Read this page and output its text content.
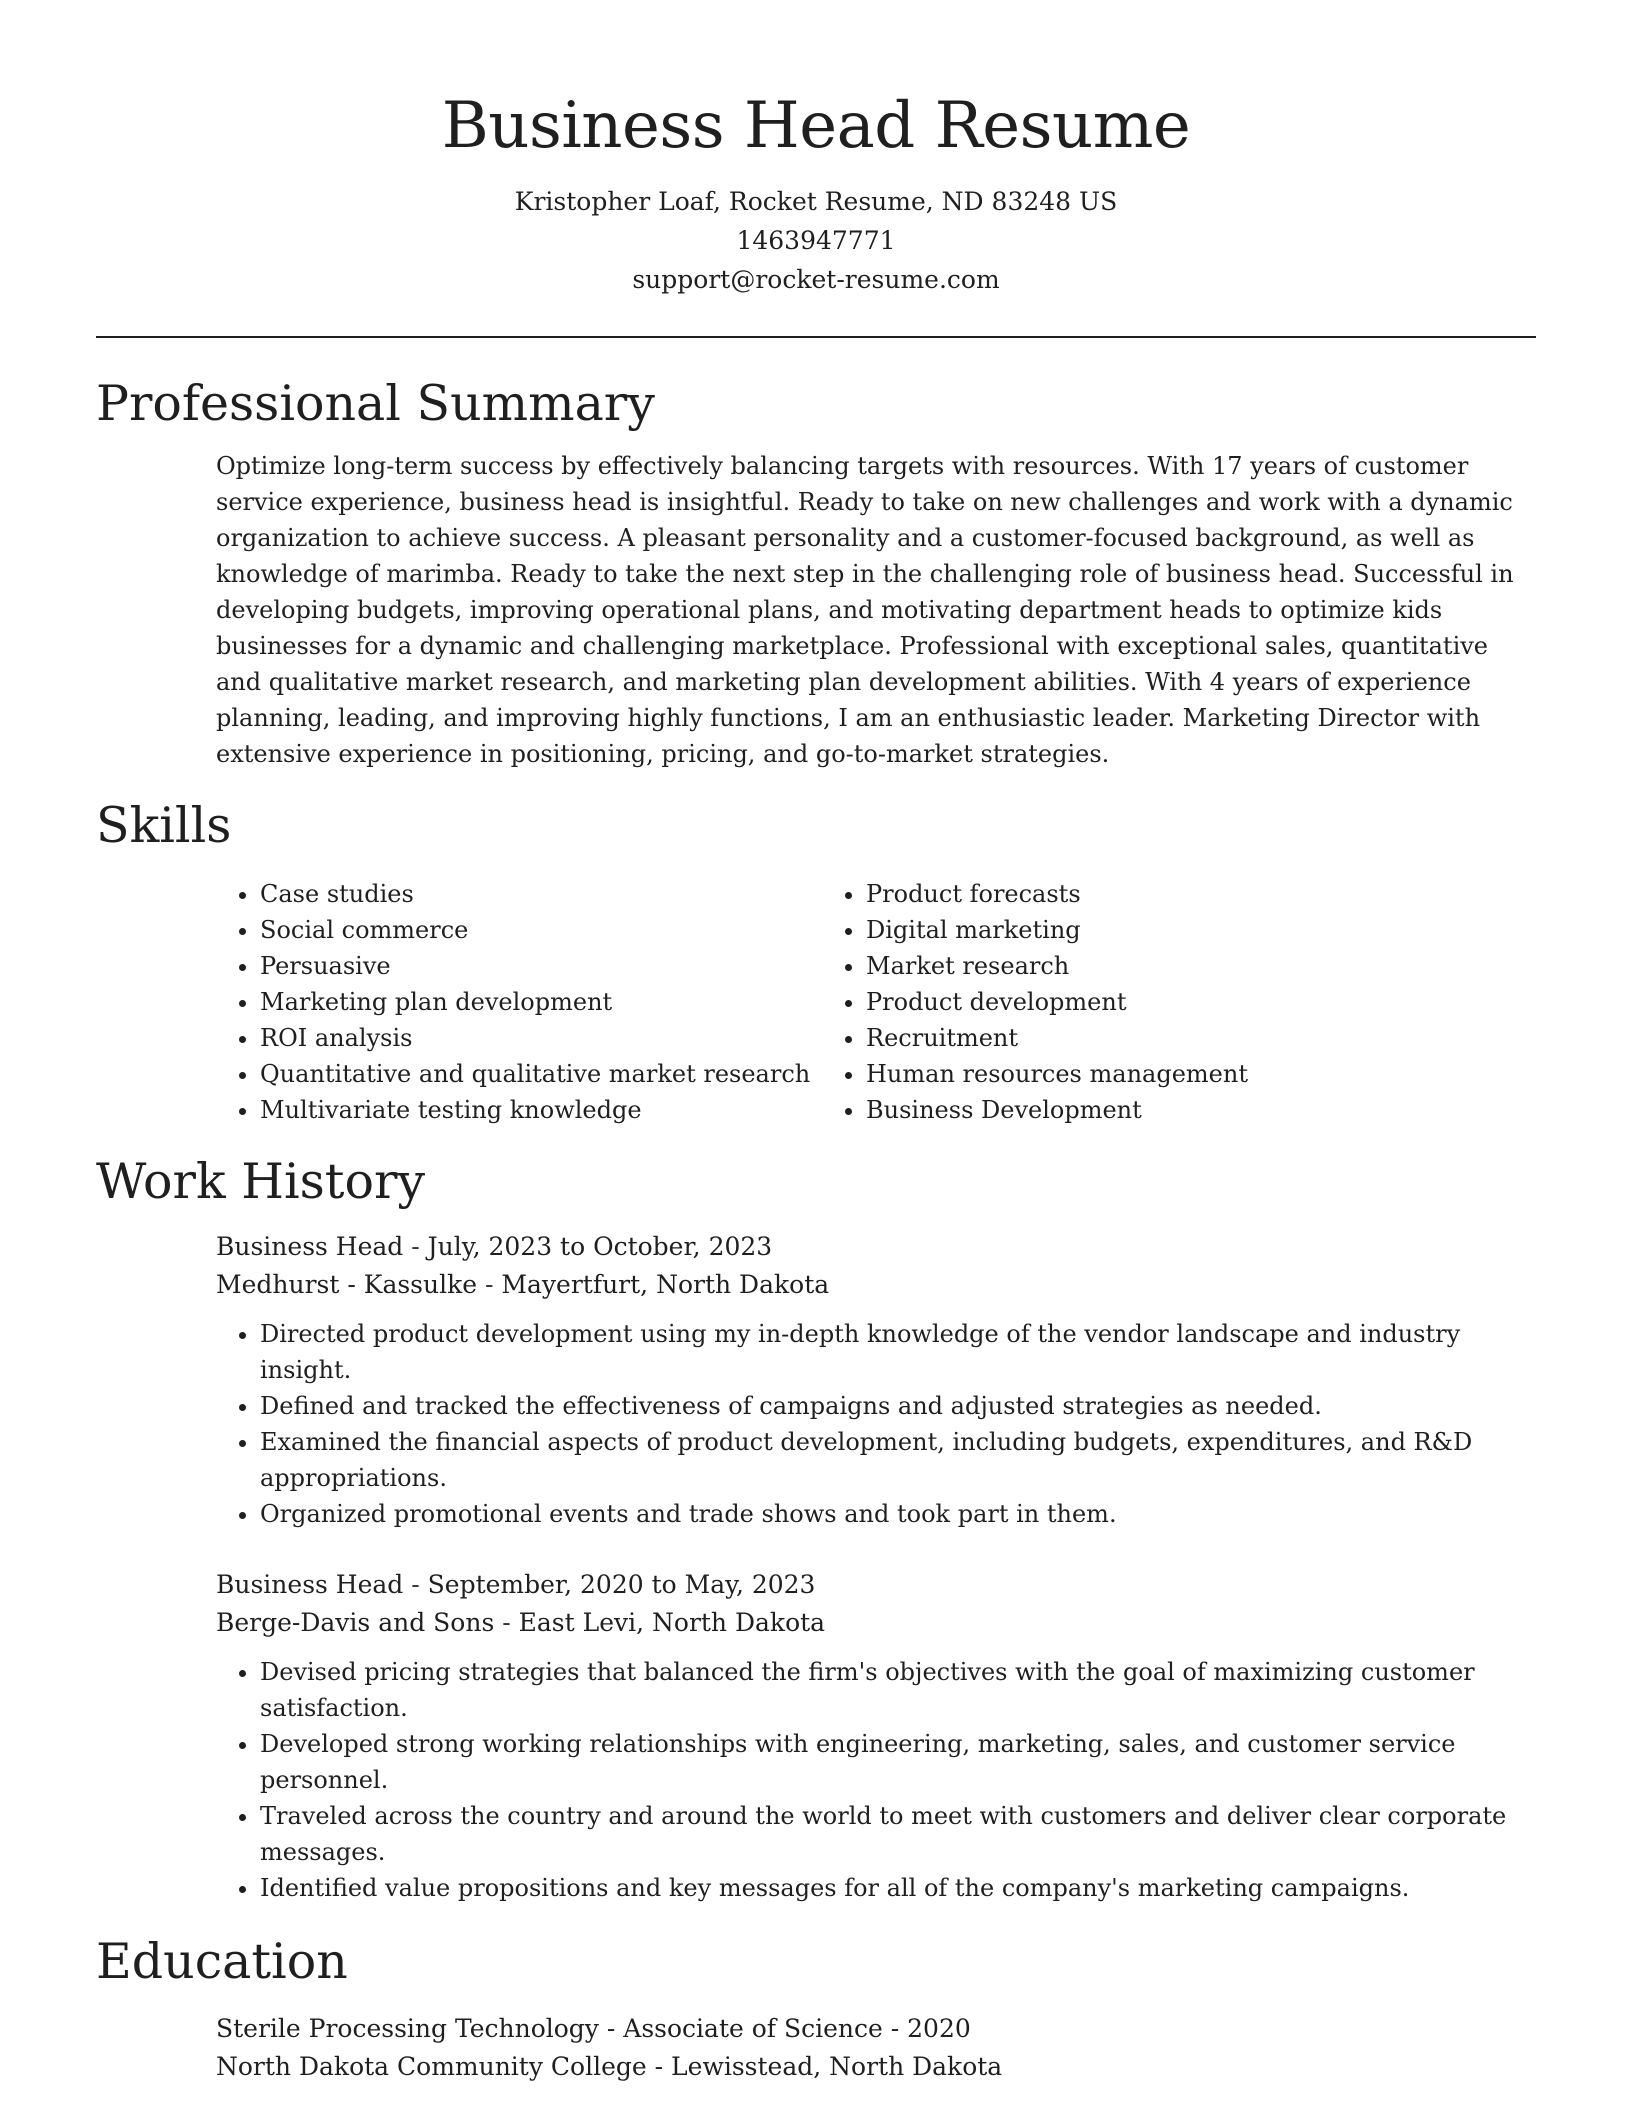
Business Head Resume
Kristopher Loaf, Rocket Resume, ND 83248 US
1463947771
support@rocket-resume.com
Professional Summary

Optimize long-term success by effectively balancing targets with resources. With 17 years of customer service experience, business head is insightful. Ready to take on new challenges and work with a dynamic organization to achieve success. A pleasant personality and a customer-focused background, as well as knowledge of marimba. Ready to take the next step in the challenging role of business head. Successful in developing budgets, improving operational plans, and motivating department heads to optimize kids businesses for a dynamic and challenging marketplace. Professional with exceptional sales, quantitative and qualitative market research, and marketing plan development abilities. With 4 years of experience planning, leading, and improving highly functions, I am an enthusiastic leader. Marketing Director with extensive experience in positioning, pricing, and go-to-market strategies.

Skills
• Case studies
• Social commerce
• Persuasive
• Marketing plan development
• ROI analysis
• Quantitative and qualitative market research
• Multivariate testing knowledge
• Product forecasts
• Digital marketing
• Market research
• Product development
• Recruitment
• Human resources management
• Business Development
Work History
Business Head - July, 2023 to October, 2023
Medhurst - Kassulke - Mayertfurt, North Dakota
• Directed product development using my in-depth knowledge of the vendor landscape and industry insight.
• Defined and tracked the effectiveness of campaigns and adjusted strategies as needed.
• Examined the financial aspects of product development, including budgets, expenditures, and R&D appropriations.
• Organized promotional events and trade shows and took part in them.
Business Head - September, 2020 to May, 2023
Berge-Davis and Sons - East Levi, North Dakota
• Devised pricing strategies that balanced the firm's objectives with the goal of maximizing customer satisfaction.
• Developed strong working relationships with engineering, marketing, sales, and customer service personnel.
• Traveled across the country and around the world to meet with customers and deliver clear corporate messages.
• Identified value propositions and key messages for all of the company's marketing campaigns.
Education
Sterile Processing Technology - Associate of Science - 2020
North Dakota Community College - Lewisstead, North Dakota
